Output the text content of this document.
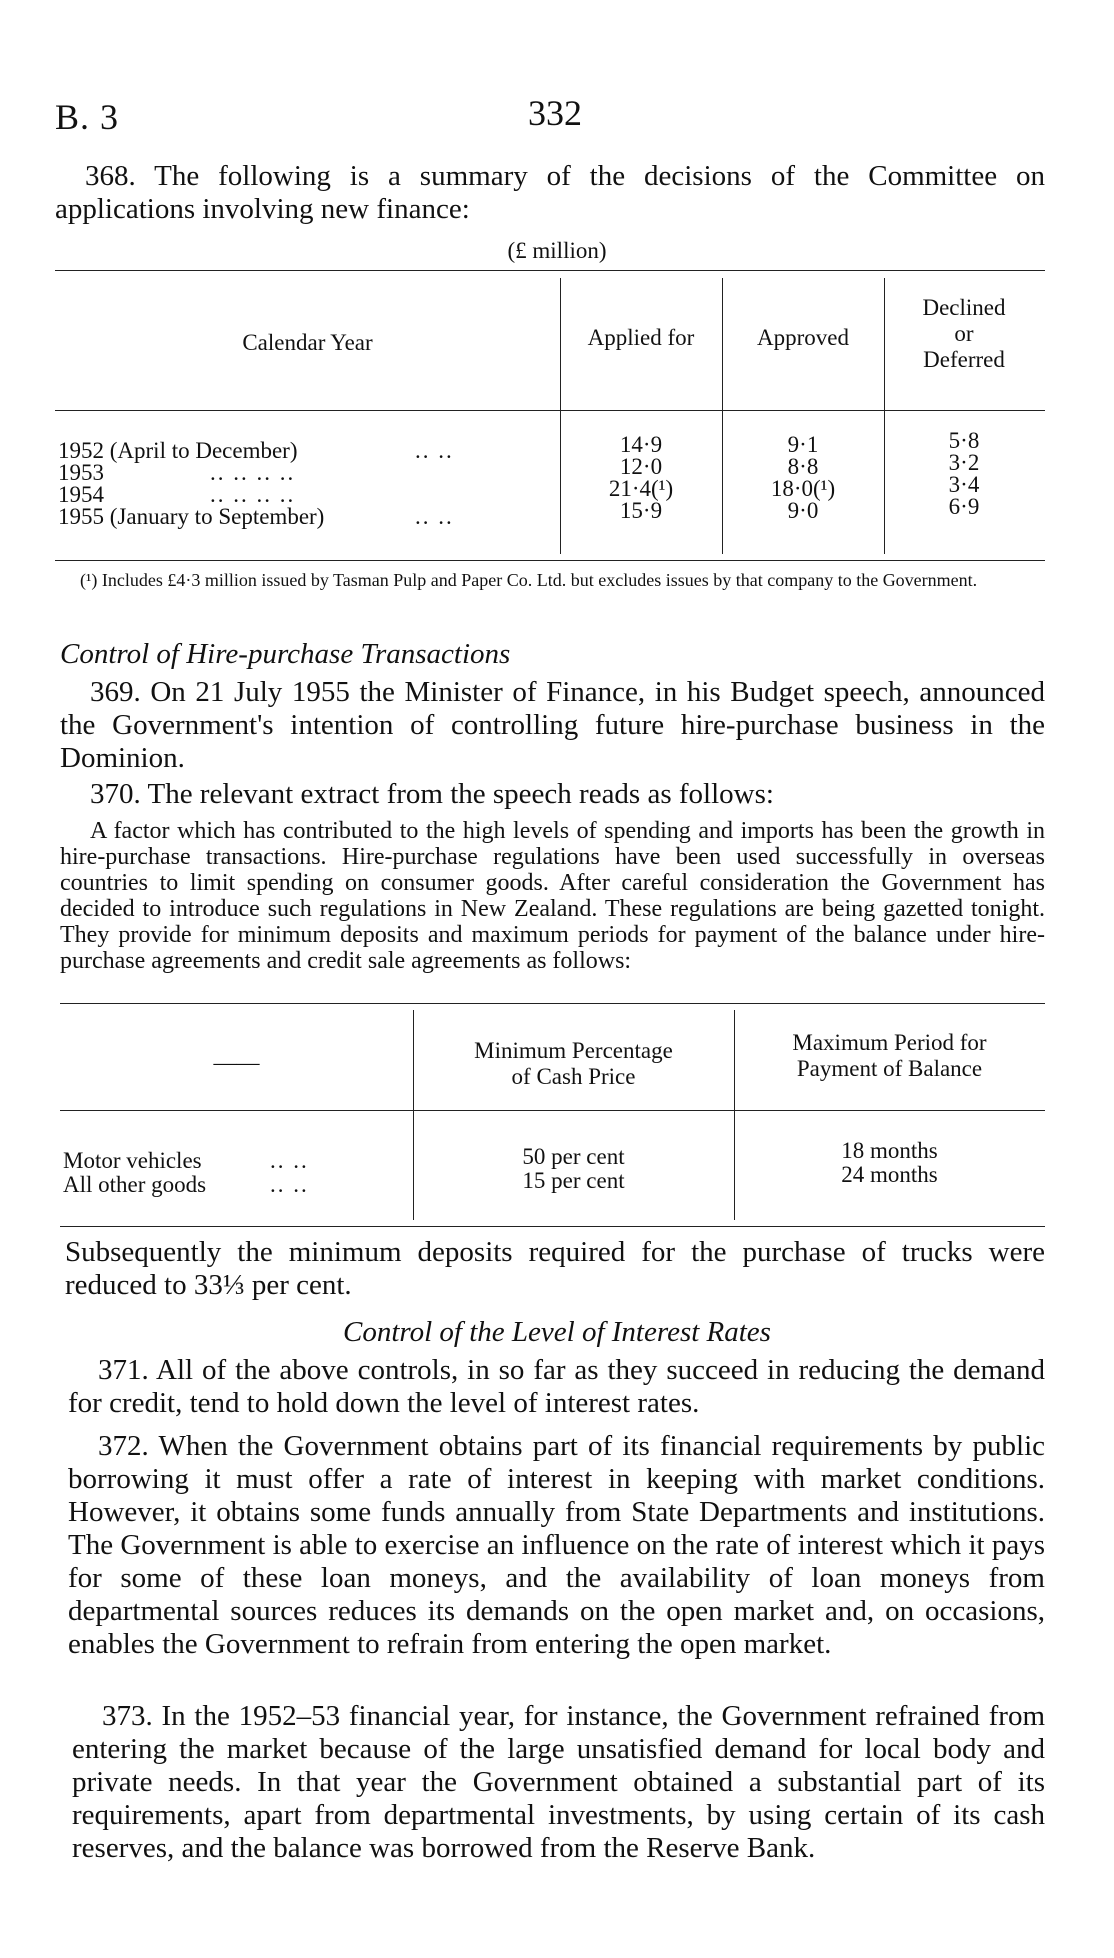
B. 3	332
368. The following is a summary of the decisions of the Committee on applications involving new finance:
(£ million)
Calendar Year	Applied for	Approved
Declined
or
Deferred
1952 (April to December)	.. ..	14·9	9·1	5·8
1953	.. .. .. ..	12·0	8·8	3·2
1954	.. .. .. ..	21·4(¹)	18·0(¹)	3·4
1955 (January to September)	.. ..	15·9	9·0	6·9
(¹) Includes £4·3 million issued by Tasman Pulp and Paper Co. Ltd. but excludes issues by that company to the Government.
Control of Hire-purchase Transactions
369. On 21 July 1955 the Minister of Finance, in his Budget speech, announced the Government's intention of controlling future hire-purchase business in the Dominion.
370. The relevant extract from the speech reads as follows:
A factor which has contributed to the high levels of spending and imports has been the growth in hire-purchase transactions. Hire-purchase regulations have been used successfully in overseas countries to limit spending on consumer goods. After careful consideration the Government has decided to introduce such regulations in New Zealand. These regulations are being gazetted tonight. They provide for minimum deposits and maximum periods for payment of the balance under hire-purchase agreements and credit sale agreements as follows:
——	Minimum Percentage
of Cash Price
Maximum Period for
Payment of Balance
Motor vehicles	.. ..	50 per cent	18 months
All other goods	.. ..	15 per cent	24 months
Subsequently the minimum deposits required for the purchase of trucks were reduced to 33⅓ per cent.
Control of the Level of Interest Rates
371. All of the above controls, in so far as they succeed in reducing the demand for credit, tend to hold down the level of interest rates.
372. When the Government obtains part of its financial requirements by public borrowing it must offer a rate of interest in keeping with market conditions. However, it obtains some funds annually from State Departments and institutions. The Government is able to exercise an influence on the rate of interest which it pays for some of these loan moneys, and the availability of loan moneys from departmental sources reduces its demands on the open market and, on occasions, enables the Government to refrain from entering the open market.
373. In the 1952–53 financial year, for instance, the Government refrained from entering the market because of the large unsatisfied demand for local body and private needs. In that year the Government obtained a substantial part of its requirements, apart from departmental investments, by using certain of its cash reserves, and the balance was borrowed from the Reserve Bank.
